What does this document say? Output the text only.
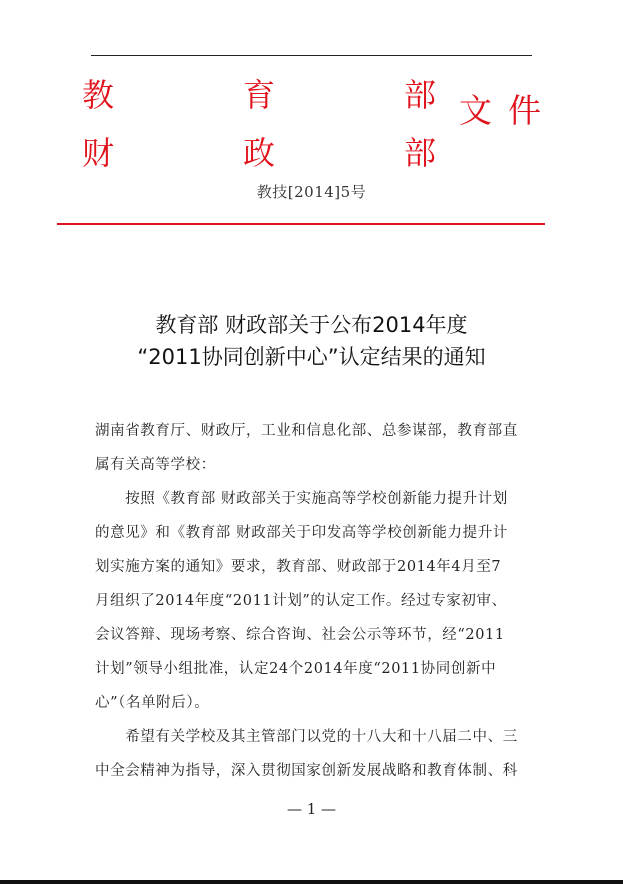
教	育	部
财	政	部
文件
教技[2014]5号
教育部 财政部关于公布2014年度
“2011协同创新中心”认定结果的通知
湖南省教育厅、财政厅，工业和信息化部、总参谋部，教育部直
属有关高等学校：
　　按照《教育部 财政部关于实施高等学校创新能力提升计划
的意见》和《教育部 财政部关于印发高等学校创新能力提升计
划实施方案的通知》要求，教育部、财政部于2014年4月至7
月组织了2014年度“2011计划”的认定工作。经过专家初审、
会议答辩、现场考察、综合咨询、社会公示等环节，经“2011
计划”领导小组批准，认定24个2014年度“2011协同创新中
心”（名单附后）。
　　希望有关学校及其主管部门以党的十八大和十八届二中、三
中全会精神为指导，深入贯彻国家创新发展战略和教育体制、科
— 1 —
